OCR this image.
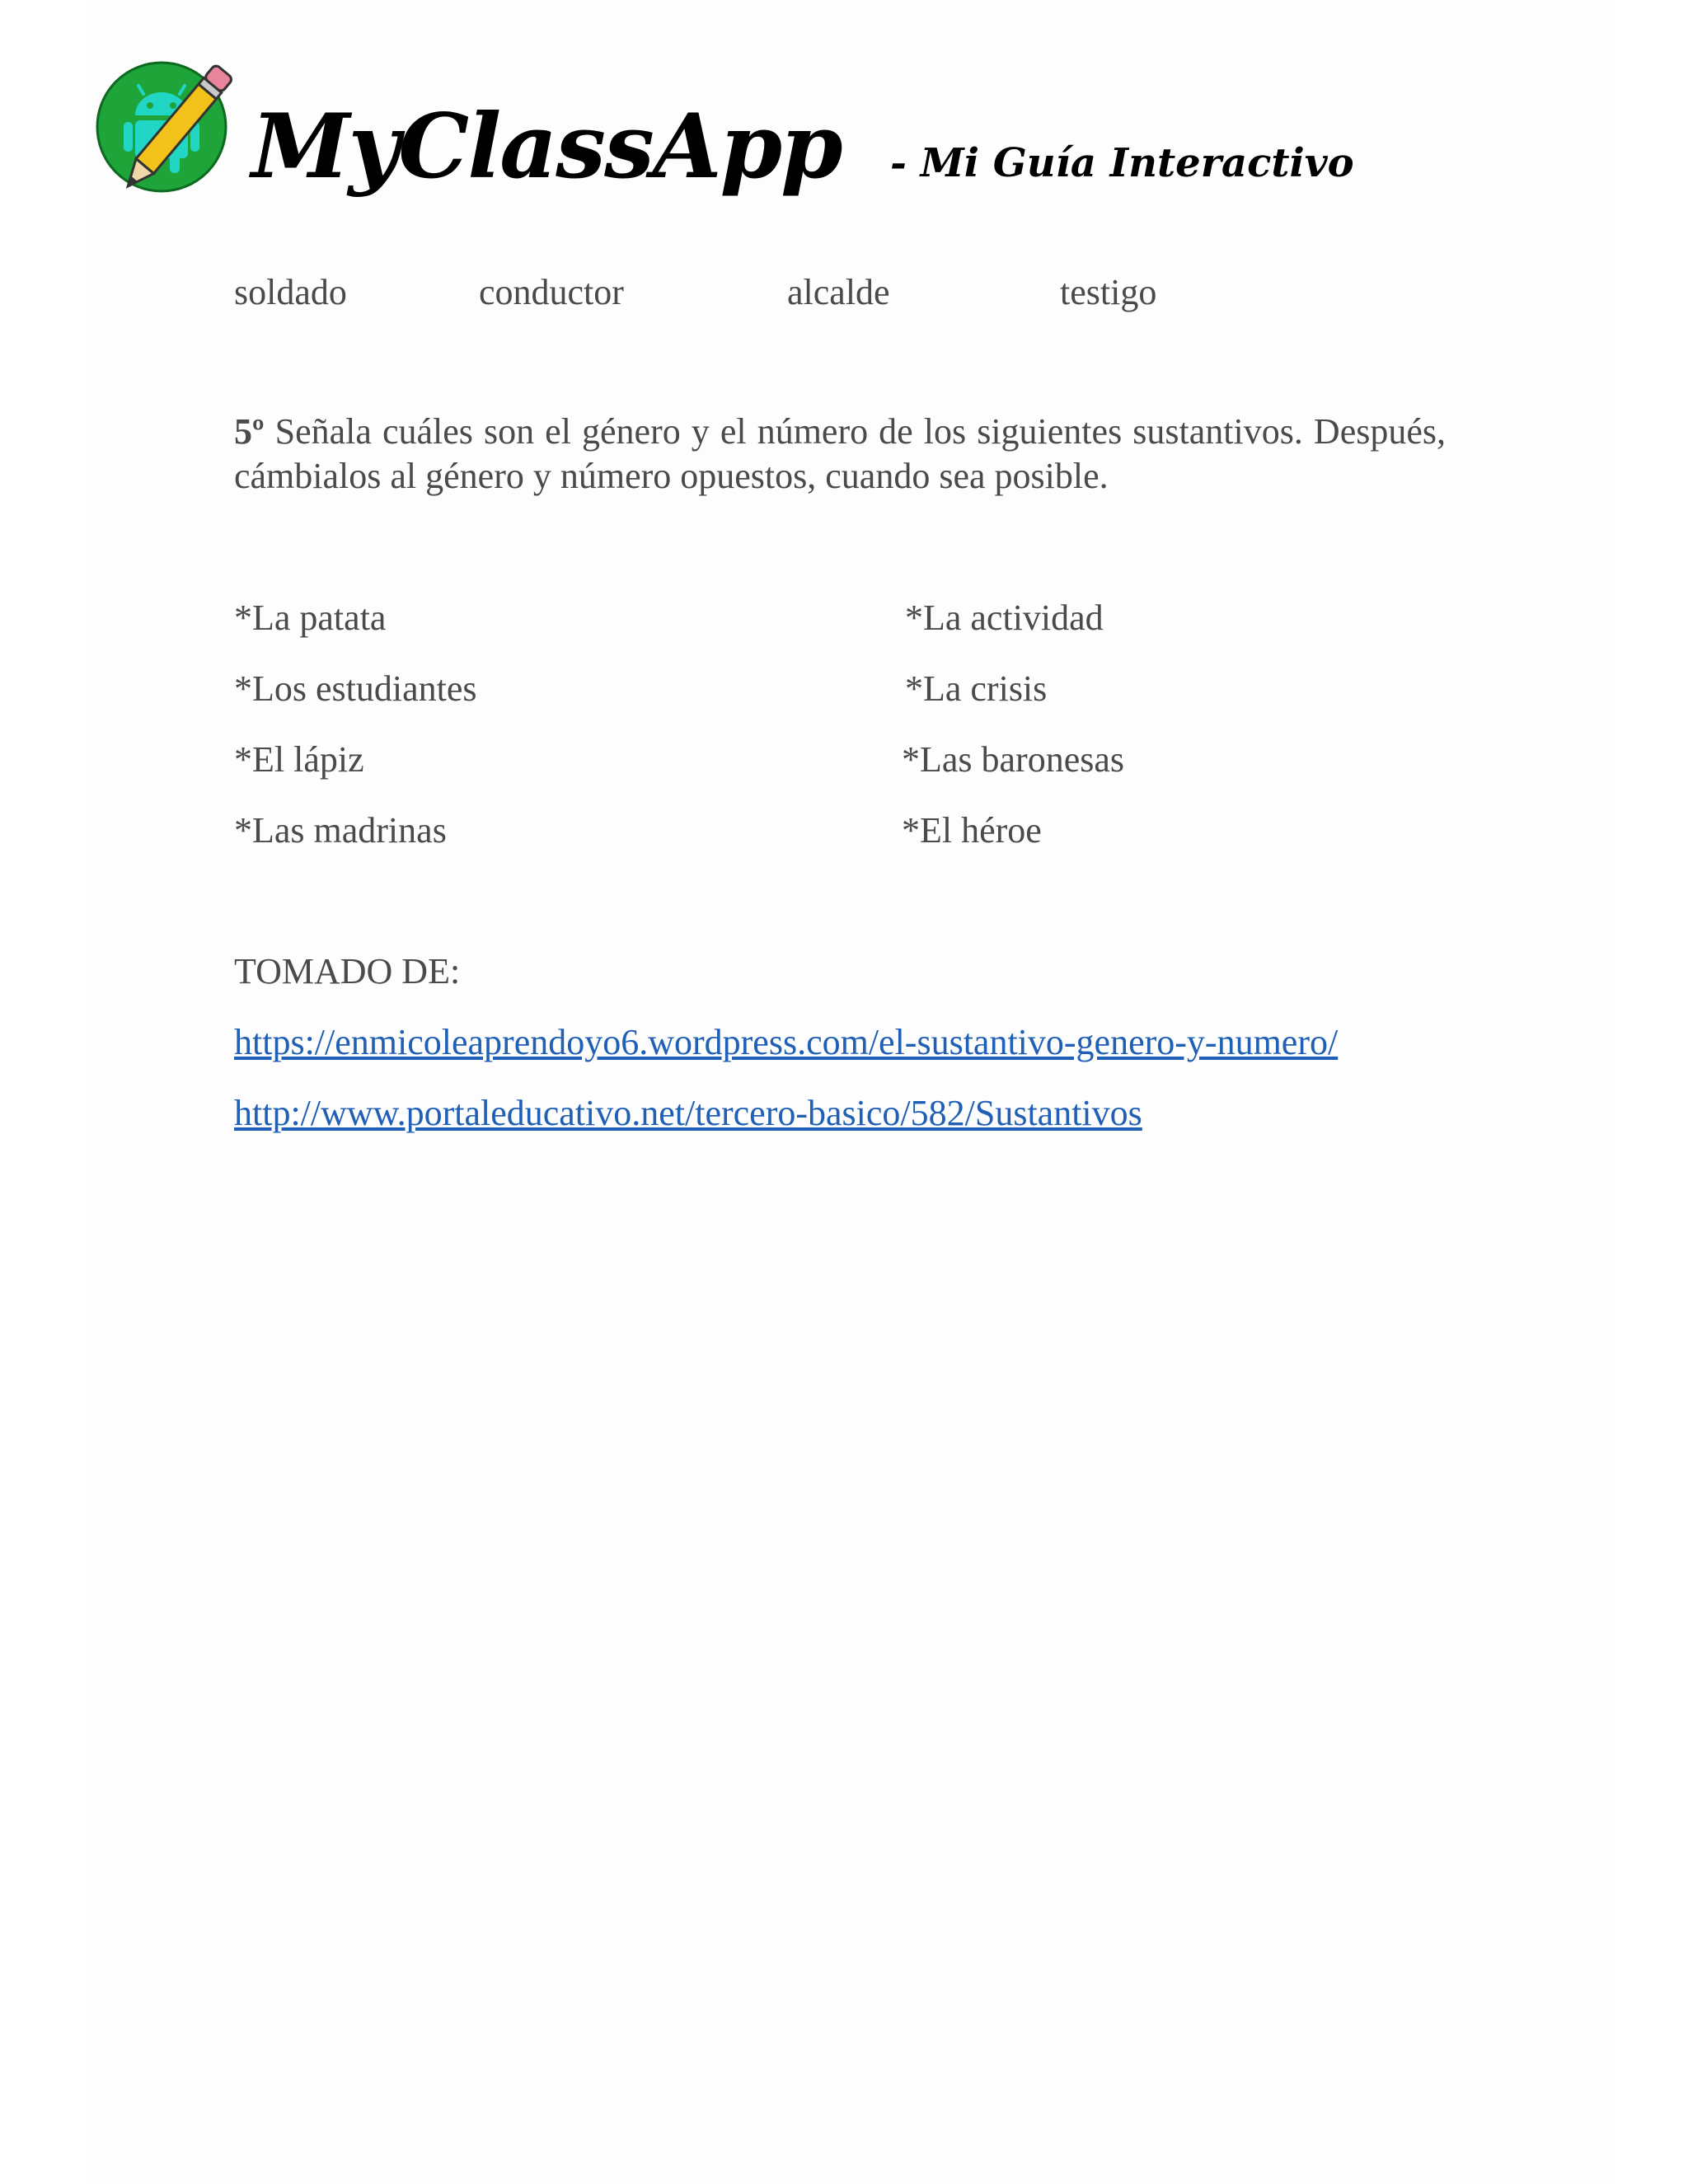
MyClassApp - Mi Guía Interactivo
soldado	conductor	alcalde	testigo
5º Señala cuáles son el género y el número de los siguientes sustantivos. Después, cámbialos al género y número opuestos, cuando sea posible.
*La patata
*Los estudiantes
*El lápiz
*Las madrinas
*La actividad
*La crisis
*Las baronesas
*El héroe
TOMADO DE:
https://enmicoleaprendoyo6.wordpress.com/el-sustantivo-genero-y-numero/
http://www.portaleducativo.net/tercero-basico/582/Sustantivos
